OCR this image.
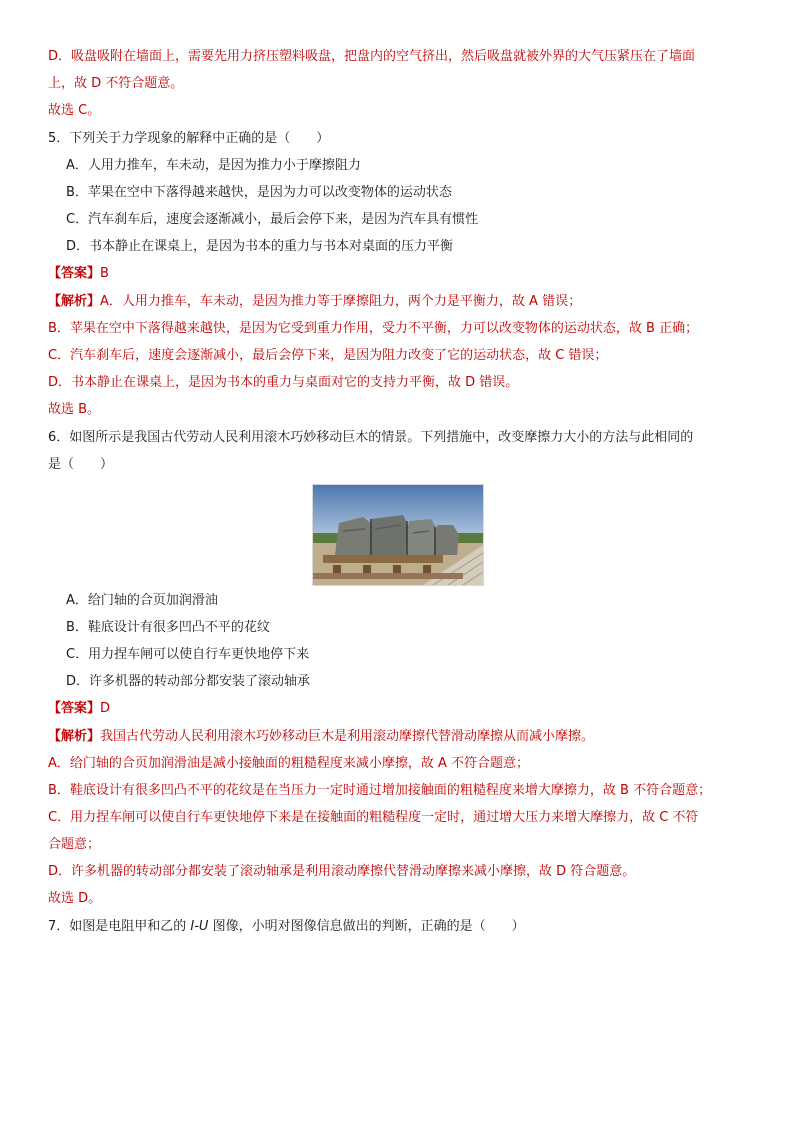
D．吸盘吸附在墙面上，需要先用力挤压塑料吸盘，把盘内的空气挤出，然后吸盘就被外界的大气压紧压在了墙面
上，故 D 不符合题意。
故选 C。
5．下列关于力学现象的解释中正确的是（　　）
A．人用力推车，车未动，是因为推力小于摩擦阻力
B．苹果在空中下落得越来越快，是因为力可以改变物体的运动状态
C．汽车刹车后，速度会逐渐减小，最后会停下来，是因为汽车具有惯性
D．书本静止在课桌上，是因为书本的重力与书本对桌面的压力平衡
【答案】B
【解析】A．人用力推车，车未动，是因为推力等于摩擦阻力，两个力是平衡力，故 A 错误；
B．苹果在空中下落得越来越快，是因为它受到重力作用，受力不平衡，力可以改变物体的运动状态，故 B 正确；
C．汽车刹车后，速度会逐渐减小，最后会停下来，是因为阻力改变了它的运动状态，故 C 错误；
D．书本静止在课桌上，是因为书本的重力与桌面对它的支持力平衡，故 D 错误。
故选 B。
6．如图所示是我国古代劳动人民利用滚木巧妙移动巨木的情景。下列措施中，改变摩擦力大小的方法与此相同的
是（　　）
A．给门轴的合页加润滑油
B．鞋底设计有很多凹凸不平的花纹
C．用力捏车闸可以使自行车更快地停下来
D．许多机器的转动部分都安装了滚动轴承
【答案】D
【解析】我国古代劳动人民利用滚木巧妙移动巨木是利用滚动摩擦代替滑动摩擦从而减小摩擦。
A．给门轴的合页加润滑油是减小接触面的粗糙程度来减小摩擦，故 A 不符合题意；
B．鞋底设计有很多凹凸不平的花纹是在当压力一定时通过增加接触面的粗糙程度来增大摩擦力，故 B 不符合题意；
C．用力捏车闸可以使自行车更快地停下来是在接触面的粗糙程度一定时，通过增大压力来增大摩擦力，故 C 不符
合题意；
D．许多机器的转动部分都安装了滚动轴承是利用滚动摩擦代替滑动摩擦来减小摩擦，故 D 符合题意。
故选 D。
7．如图是电阻甲和乙的 I-U 图像，小明对图像信息做出的判断，正确的是（　　）
